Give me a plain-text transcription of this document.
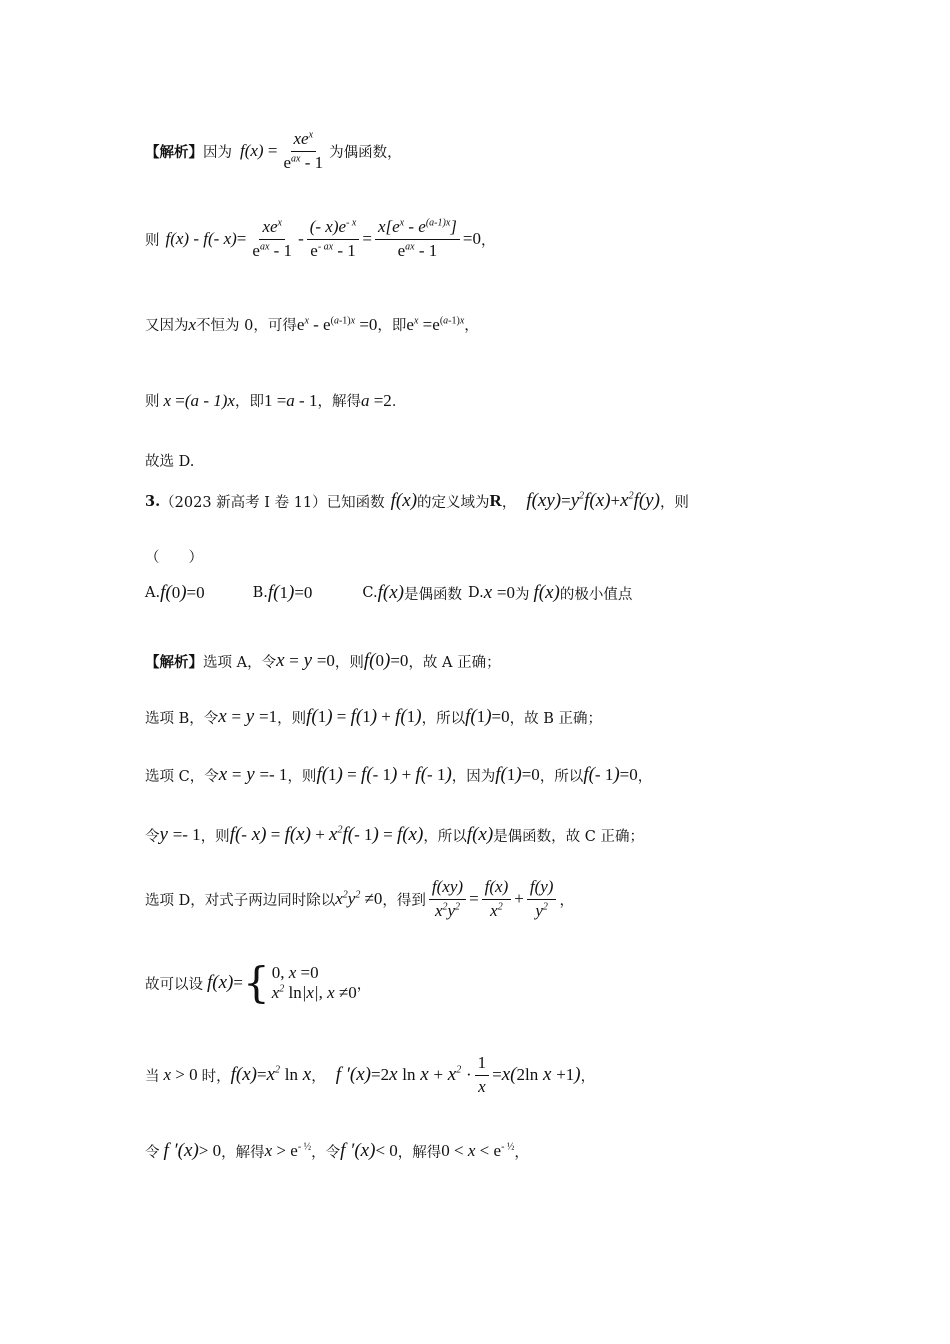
【解析】 因为 $f(x) = \frac{xe^x}{e^{ax} - 1}$ 为偶函数，
则 f(x) - f(- $x)= \frac{xe^x}{e^{ax} - 1} - \frac{(- x)e^{- x}}{e^{- ax} - 1} = \frac{x[e^x - e^{(a-1)x}]}{e^{ax} - 1} =0$ ，
又因为 x 不恒为 0，可得 $e^x - e^{(a-1)x} =0$ ，即 $e^x =e^{(a-1)x}$ ，
则 x =(a - 1)x ，即 1 =a - 1 ，解得 a =2 ．
故选 D.
3. （2023 新高考 I 卷 11）已知函数 f(x) 的定义域为 R ， $f(xy)=y^2f(x)+x^2f(y)$ ，则
（　　）
A. f(0)=0	B. f(1)=0	C. f(x) 是偶函数 D. x =0 为 f(x) 的极小值点
【解析】 选项 A，令 x = y =0 ，则 f(0)=0 ，故 A 正确；
选项 B，令 x = y =1 ，则 f(1) = f(1) + f(1) ，所以 f(1)=0 ，故 B 正确；
选项 C，令 x = y =- 1 ，则 f(1) = f(- 1) + f(- 1) ，因为 f(1)=0 ，所以 f(- 1)=0 ，
令 y =- 1 ，则 f(- $x) = f(x) + x^2f(-$ 1) = f(x) ，所以 f(x) 是偶函数，故 C 正确；
选项 D，对式子两边同时除以 $x^2y^2 \ne 0$ ，得到 $\frac{f(xy)}{x^2y^2} = \frac{f(x)}{x^2} + \frac{f(y)}{y^2}$ ，
故可以设 f(x)= { 0, x =0
$x^2$ ln|x|, x ≠0 ，
当 x > 0 时， $f(x)=x^2$ ln x ， f ′(x)=2x $\ln x + x^2 \cdot \frac{1}{x} =x(2\ln$ x +1) ，
令 f ′(x)> 0 ，解得 $x > e^{- \frac{1}{2}}$ ，令 f ′(x)< 0 ，解得 $0 < x < e^{- \frac{1}{2}}$ ，
